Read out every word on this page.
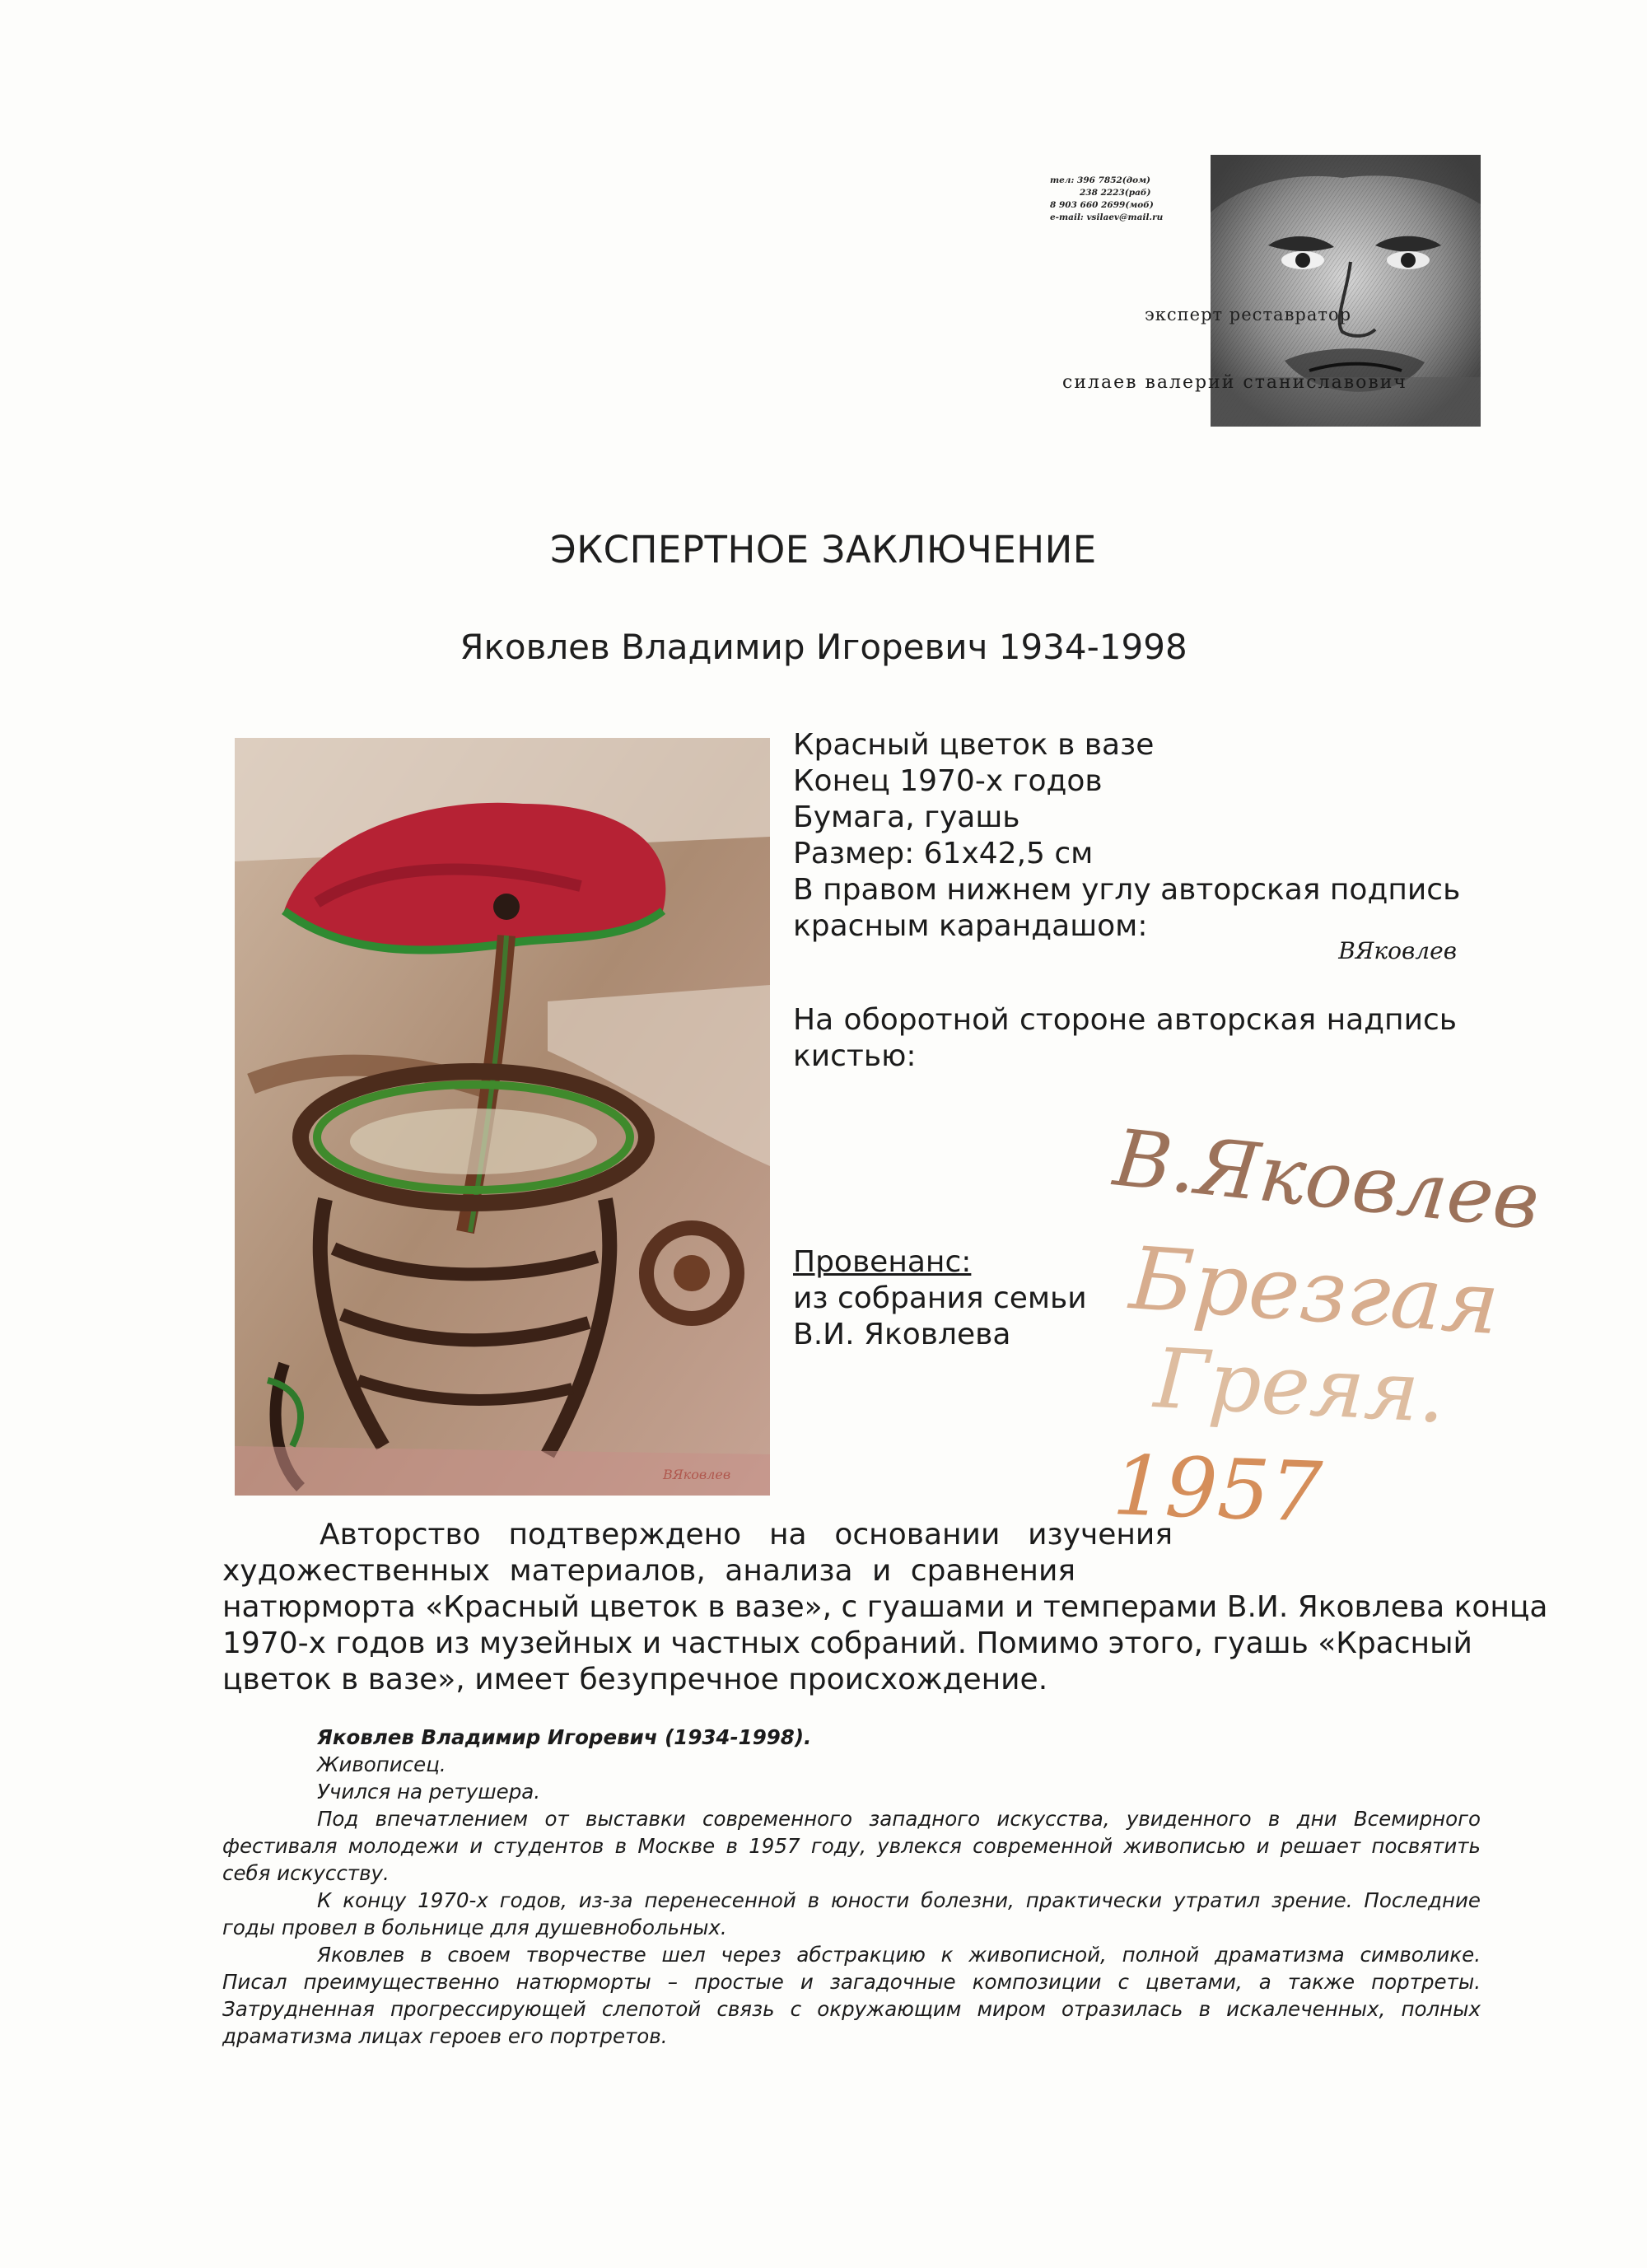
тел: 396 7852(дом)
238 2223(раб)
8 903 660 2699(моб)
e-mail: vsilaev@mail.ru
эксперт реставратор
силаев валерий станиславович
ЭКСПЕРТНОЕ ЗАКЛЮЧЕНИЕ
Яковлев Владимир Игоревич 1934-1998
ВЯковлев
Красный цветок в вазе
Конец 1970-х годов
Бумага, гуашь
Размер: 61x42,5 см
В правом нижнем углу авторская подпись
красным карандашом:
ВЯковлев
На оборотной стороне авторская надпись
кистью:
В.Яковлев
Брезгая
Греяя.
1957
Провенанс:
из собрания семьи
В.И. Яковлева
Авторство подтверждено на основании изучения
художественных материалов, анализа и сравнения
натюрморта «Красный цветок в вазе», с гуашами и темперами В.И. Яковлева конца
1970-х годов из музейных и частных собраний. Помимо этого, гуашь «Красный
цветок в вазе», имеет безупречное происхождение.
Яковлев Владимир Игоревич (1934-1998).
Живописец.
Учился на ретушера.
Под впечатлением от выставки современного западного искусства, увиденного в дни Всемирного
фестиваля молодежи и студентов в Москве в 1957 году, увлекся современной живописью и решает посвятить
себя искусству.
К концу 1970-х годов, из-за перенесенной в юности болезни, практически утратил зрение. Последние
годы провел в больнице для душевнобольных.
Яковлев в своем творчестве шел через абстракцию к живописной, полной драматизма символике.
Писал преимущественно натюрморты – простые и загадочные композиции с цветами, а также портреты.
Затрудненная прогрессирующей слепотой связь с окружающим миром отразилась в искалеченных, полных
драматизма лицах героев его портретов.
